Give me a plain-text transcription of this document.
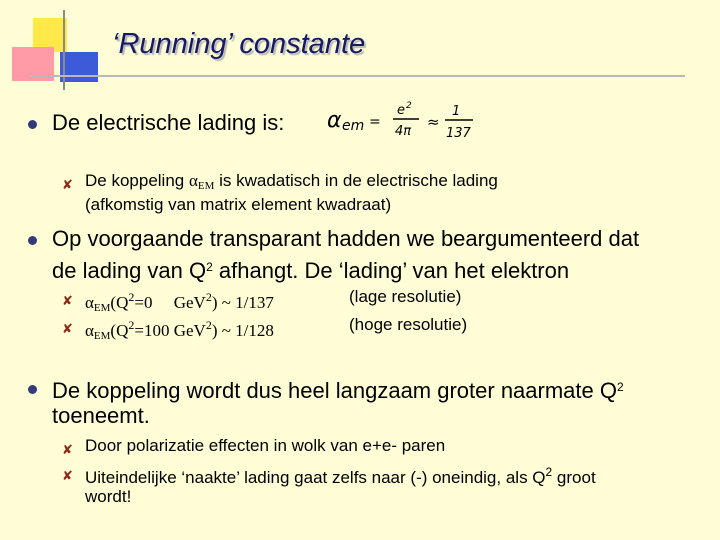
‘Running’ constante
De electrische lading is: α em =
e 2
4π
≈
1
137
✘ De koppeling $\alpha_{EM}$ is kwadatisch in de electrische lading
(afkomstig van matrix element kwadraat)
Op voorgaande transparant hadden we beargumenteerd dat
de lading van $Q^2$ afhangt. De ‘lading’ van het elektron
✘ $\alpha_{EM}(Q^2=0$     GeV$^2$) ~ 1/137	(lage resolutie)
✘ $\alpha_{EM}(Q^2=100$ GeV$^2$) ~ 1/128	(hoge resolutie)
De koppeling wordt dus heel langzaam groter naarmate $Q^2$
toeneemt.
✘ Door polarizatie effecten in wolk van e+e- paren
✘ Uiteindelijke ‘naakte’ lading gaat zelfs naar (-) oneindig, als $Q^2$ groot
wordt!
